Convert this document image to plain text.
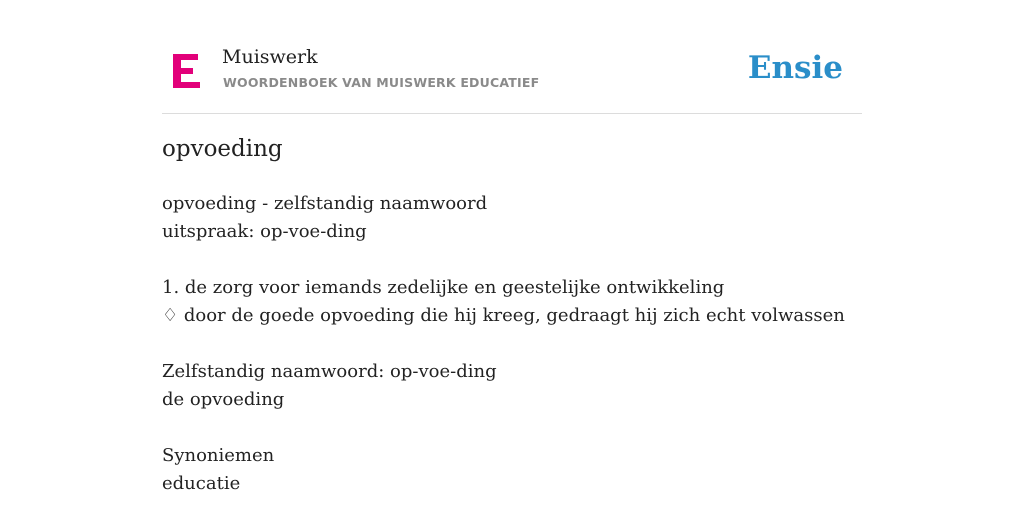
Muiswerk
WOORDENBOEK VAN MUISWERK EDUCATIEF	Ensie
opvoeding
opvoeding - zelfstandig naamwoord
uitspraak: op-voe-ding
1. de zorg voor iemands zedelijke en geestelijke ontwikkeling
♢ door de goede opvoeding die hij kreeg, gedraagt hij zich echt volwassen
Zelfstandig naamwoord: op-voe-ding
de opvoeding
Synoniemen
educatie
